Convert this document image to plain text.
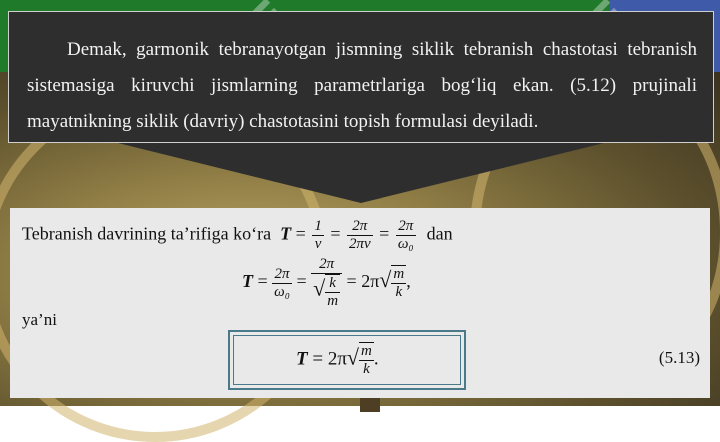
Demak, garmonik tebranayotgan jismning siklik tebranish chastotasi tebranish sistemasiga kiruvchi jismlarning parametrlariga bog‘liq ekan. (5.12) prujinali mayatnikning siklik (davriy) chastotasini topish formulasi deyiladi.

Tebranish davrining ta’rifiga ko‘ra $T = \frac{1}{\nu} = \frac{2\pi}{2\pi\nu} = \frac{2\pi}{\text{ω₀}}$ dan
$T = \frac{2\pi}{\text{ω₀}} = \frac{2\pi}{√ \frac{k}{m}} = 2\pi√ \frac{m}{k}$ ,
ya’ni
$T = 2\pi√ \frac{m}{k}$ .	(5.13)
